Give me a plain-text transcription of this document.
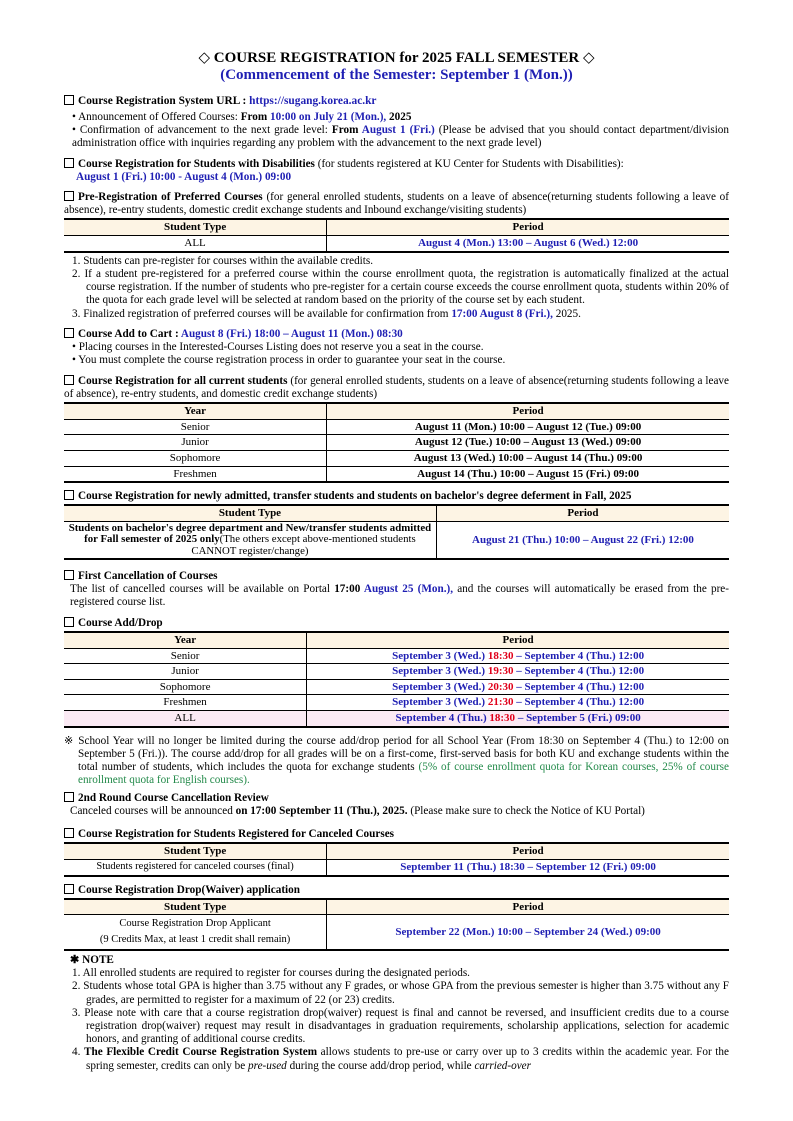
◇ COURSE REGISTRATION for 2025 FALL SEMESTER ◇
(Commencement of the Semester: September 1 (Mon.))
Course Registration System URL : https://sugang.korea.ac.kr
• Announcement of Offered Courses: From 10:00 on July 21 (Mon.), 2025
• Confirmation of advancement to the next grade level: From August 1 (Fri.) (Please be advised that you should contact department/division administration office with inquiries regarding any problem with the advancement to the next grade level)
Course Registration for Students with Disabilities (for students registered at KU Center for Students with Disabilities):
August 1 (Fri.) 10:00 - August 4 (Mon.) 09:00
Pre-Registration of Preferred Courses (for general enrolled students, students on a leave of absence(returning students following a leave of absence), re-entry students, domestic credit exchange students and Inbound exchange/visiting students)
Student Type	Period
ALL	August 4 (Mon.) 13:00 – August 6 (Wed.) 12:00
1. Students can pre-register for courses within the available credits.
2. If a student pre-registered for a preferred course within the course enrollment quota, the registration is automatically finalized at the actual course registration. If the number of students who pre-register for a certain course exceeds the course enrollment quota, students within 20% of the quota for each grade level will be selected at random based on the priority of the course set by each student.
3. Finalized registration of preferred courses will be available for confirmation from 17:00 August 8 (Fri.), 2025.
Course Add to Cart : August 8 (Fri.) 18:00 – August 11 (Mon.) 08:30
• Placing courses in the Interested-Courses Listing does not reserve you a seat in the course.
• You must complete the course registration process in order to guarantee your seat in the course.
Course Registration for all current students (for general enrolled students, students on a leave of absence(returning students following a leave of absence), re-entry students, and domestic credit exchange students)
Year	Period
Senior	August 11 (Mon.) 10:00 – August 12 (Tue.) 09:00
Junior	August 12 (Tue.) 10:00 – August 13 (Wed.) 09:00
Sophomore	August 13 (Wed.) 10:00 – August 14 (Thu.) 09:00
Freshmen	August 14 (Thu.) 10:00 – August 15 (Fri.) 09:00
Course Registration for newly admitted, transfer students and students on bachelor's degree deferment in Fall, 2025
Student Type	Period
Students on bachelor's degree department and New/transfer students admitted for Fall semester of 2025 only(The others except above-mentioned students CANNOT register/change)	August 21 (Thu.) 10:00 – August 22 (Fri.) 12:00
First Cancellation of Courses
The list of cancelled courses will be available on Portal 17:00 August 25 (Mon.), and the courses will automatically be erased from the pre-registered course list.
Course Add/Drop
Year	Period
Senior	September 3 (Wed.) 18:30 – September 4 (Thu.) 12:00
Junior	September 3 (Wed.) 19:30 – September 4 (Thu.) 12:00
Sophomore	September 3 (Wed.) 20:30 – September 4 (Thu.) 12:00
Freshmen	September 3 (Wed.) 21:30 – September 4 (Thu.) 12:00
ALL	September 4 (Thu.) 18:30 – September 5 (Fri.) 09:00
※ School Year will no longer be limited during the course add/drop period for all School Year (From 18:30 on September 4 (Thu.) to 12:00 on September 5 (Fri.)). The course add/drop for all grades will be on a first-come, first-served basis for both KU and exchange students within the total number of students, which includes the quota for exchange students (5% of course enrollment quota for Korean courses, 25% of course enrollment quota for English courses).
2nd Round Course Cancellation Review
Canceled courses will be announced on 17:00 September 11 (Thu.), 2025. (Please make sure to check the Notice of KU Portal)
Course Registration for Students Registered for Canceled Courses
Student Type	Period
Students registered for canceled courses (final)	September 11 (Thu.) 18:30 – September 12 (Fri.) 09:00
Course Registration Drop(Waiver) application
Student Type	Period

Course Registration Drop Applicant
(9 Credits Max, at least 1 credit shall remain)	September 22 (Mon.) 10:00 – September 24 (Wed.) 09:00
✱ NOTE
1. All enrolled students are required to register for courses during the designated periods.
2. Students whose total GPA is higher than 3.75 without any F grades, or whose GPA from the previous semester is higher than 3.75 without any F grades, are permitted to register for a maximum of 22 (or 23) credits.
3. Please note with care that a course registration drop(waiver) request is final and cannot be reversed, and insufficient credits due to a course registration drop(waiver) request may result in disadvantages in graduation requirements, scholarship applications, selection for academic honors, and granting of additional course credits.
4. The Flexible Credit Course Registration System allows students to pre-use or carry over up to 3 credits within the academic year. For the spring semester, credits can only be pre-used during the course add/drop period, while carried-over
